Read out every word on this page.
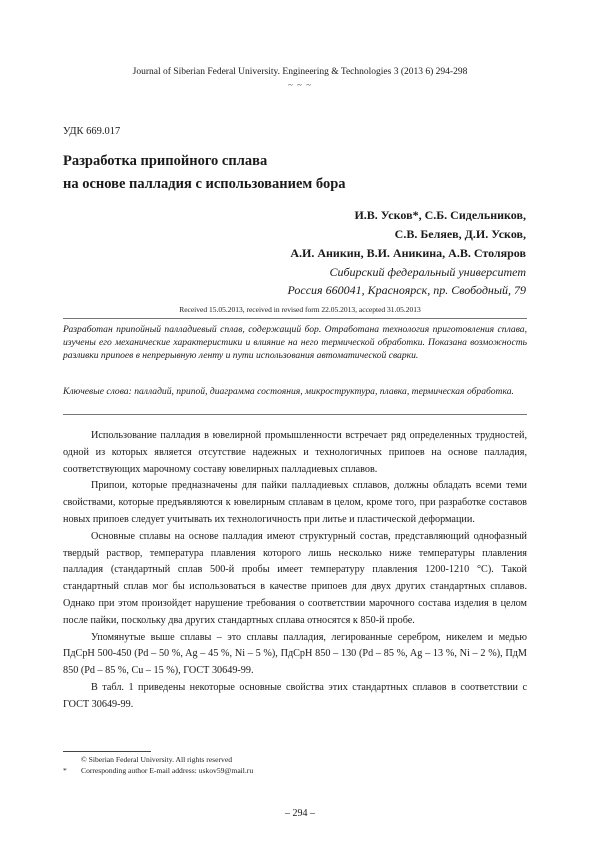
Journal of Siberian Federal University. Engineering & Technologies 3 (2013 6) 294-298
~ ~ ~
УДК 669.017
Разработка припойного сплава
на основе палладия с использованием бора
И.В. Усков*, С.Б. Сидельников,
С.В. Беляев, Д.И. Усков,
А.И. Аникин, В.И. Аникина, А.В. Столяров
Сибирский федеральный университет
Россия 660041, Красноярск, пр. Свободный, 79
Received 15.05.2013, received in revised form 22.05.2013, accepted 31.05.2013
Разработан припойный палладиевый сплав, содержащий бор. Отработана технология приготовления сплава, изучены его механические характеристики и влияние на него термической обработки. Показана возможность разливки припоев в непрерывную ленту и пути использования автоматической сварки.
Ключевые слова: палладий, припой, диаграмма состояния, микроструктура, плавка, термическая обработка.

Использование палладия в ювелирной промышленности встречает ряд определенных трудностей, одной из которых является отсутствие надежных и технологичных припоев на основе палладия, соответствующих марочному составу ювелирных палладиевых сплавов.

Припои, которые предназначены для пайки палладиевых сплавов, должны обладать всеми теми свойствами, которые предъявляются к ювелирным сплавам в целом, кроме того, при разработке составов новых припоев следует учитывать их технологичность при литье и пластической деформации.

Основные сплавы на основе палладия имеют структурный состав, представляющий однофазный твердый раствор, температура плавления которого лишь несколько ниже температуры плавления палладия (стандартный сплав 500-й пробы имеет температуру плавления 1200-1210 °С). Такой стандартный сплав мог бы использоваться в качестве припоев для двух других стандартных сплавов. Однако при этом произойдет нарушение требования о соответствии марочного состава изделия в целом после пайки, поскольку два других стандартных сплава относятся к 850-й пробе.

Упомянутые выше сплавы – это сплавы палладия, легированные серебром, никелем и медью ПдСрН 500-450 (Pd – 50 %, Ag – 45 %, Ni – 5 %), ПдСрН 850 – 130 (Pd – 85 %, Ag – 13 %, Ni – 2 %), ПдМ 850 (Pd – 85 %, Cu – 15 %), ГОСТ 30649-99.

В табл. 1 приведены некоторые основные свойства этих стандартных сплавов в соответствии с ГОСТ 30649-99.

© Siberian Federal University. All rights reserved
*	Corresponding author E-mail address: uskov59@mail.ru
– 294 –
